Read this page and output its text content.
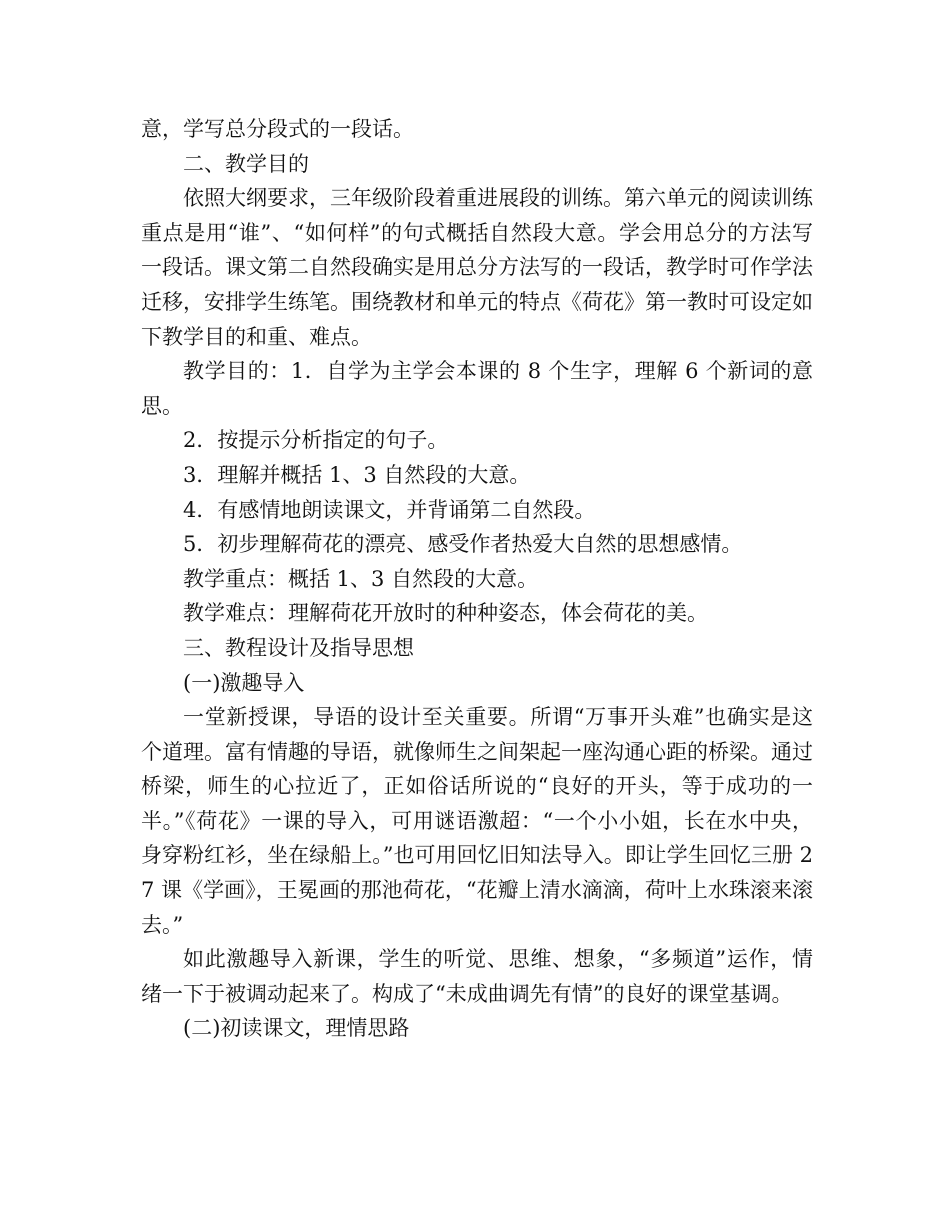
意，学写总分段式的一段话。

二、教学目的

依照大纲要求，三年级阶段着重进展段的训练。第六单元的阅读训练重点是用“谁”、“如何样”的句式概括自然段大意。学会用总分的方法写一段话。课文第二自然段确实是用总分方法写的一段话，教学时可作学法迁移，安排学生练笔。围绕教材和单元的特点《荷花》第一教时可设定如下教学目的和重、难点。

教学目的：1．自学为主学会本课的 8 个生字，理解 6 个新词的意思。

2．按提示分析指定的句子。

3．理解并概括 1、3 自然段的大意。

4．有感情地朗读课文，并背诵第二自然段。

5．初步理解荷花的漂亮、感受作者热爱大自然的思想感情。

教学重点：概括 1、3 自然段的大意。

教学难点：理解荷花开放时的种种姿态，体会荷花的美。

三、教程设计及指导思想

(一)激趣导入

一堂新授课，导语的设计至关重要。所谓“万事开头难”也确实是这个道理。富有情趣的导语，就像师生之间架起一座沟通心距的桥梁。通过桥梁，师生的心拉近了，正如俗话所说的“良好的开头，等于成功的一半。”《荷花》一课的导入，可用谜语激超：“一个小小姐，长在水中央，身穿粉红衫，坐在绿船上。”也可用回忆旧知法导入。即让学生回忆三册 27 课《学画》，王冕画的那池荷花，“花瓣上清水滴滴，荷叶上水珠滚来滚去。”

如此激趣导入新课，学生的听觉、思维、想象，“多频道”运作，情绪一下于被调动起来了。构成了“未成曲调先有情”的良好的课堂基调。

(二)初读课文，理情思路
